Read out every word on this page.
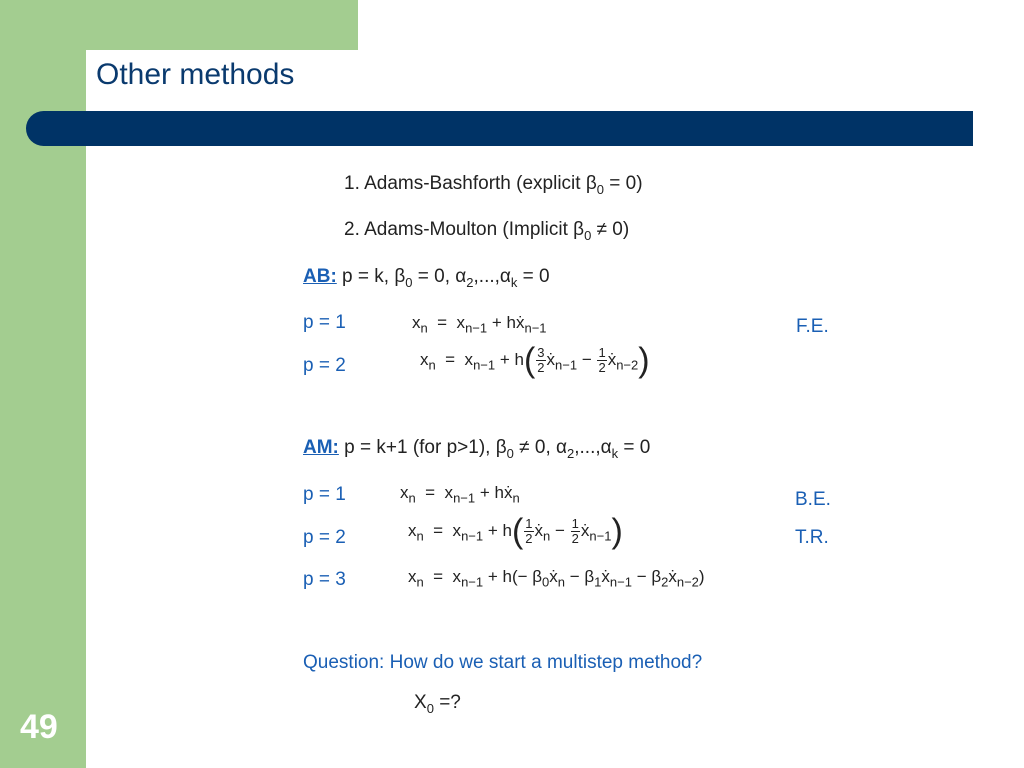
Other methods
49
1. Adams-Bashforth (explicit $\beta_0 = 0$)
2. Adams-Moulton (Implicit $\beta_0 \ne 0$)
AB: p = k, $\beta_0 = 0$, $\alpha_2,...,\alpha_k = 0$
p = 1	$x_n = x_{n-1}$ + hẋ$_{n-1}$	F.E.
p = 2	$x_n = x_{n-1} + h( \frac{3}{2}$ ẋ$_{n-1}$ − $\frac{1}{2}$ ẋ$_{n-2}$)
AM: p = k+1 (for p>1), $\beta_0 \ne 0$, $\alpha_2,...,\alpha_k = 0$
p = 1	$x_n = x_{n-1}$ + hẋ$_n$	B.E.
p = 2	$x_n = x_{n-1} + h( \frac{1}{2}$ ẋ$_n$ − $\frac{1}{2}$ ẋ$_{n-1}$)	T.R.
p = 3	$x_n = x_{n-1} + h(-$ $\beta_0ẋ_n$ − $\beta_1ẋ_{n-1}$ − $\beta_2ẋ_{n-2}$)
Question: How do we start a multistep method?
$X_0$ =?
